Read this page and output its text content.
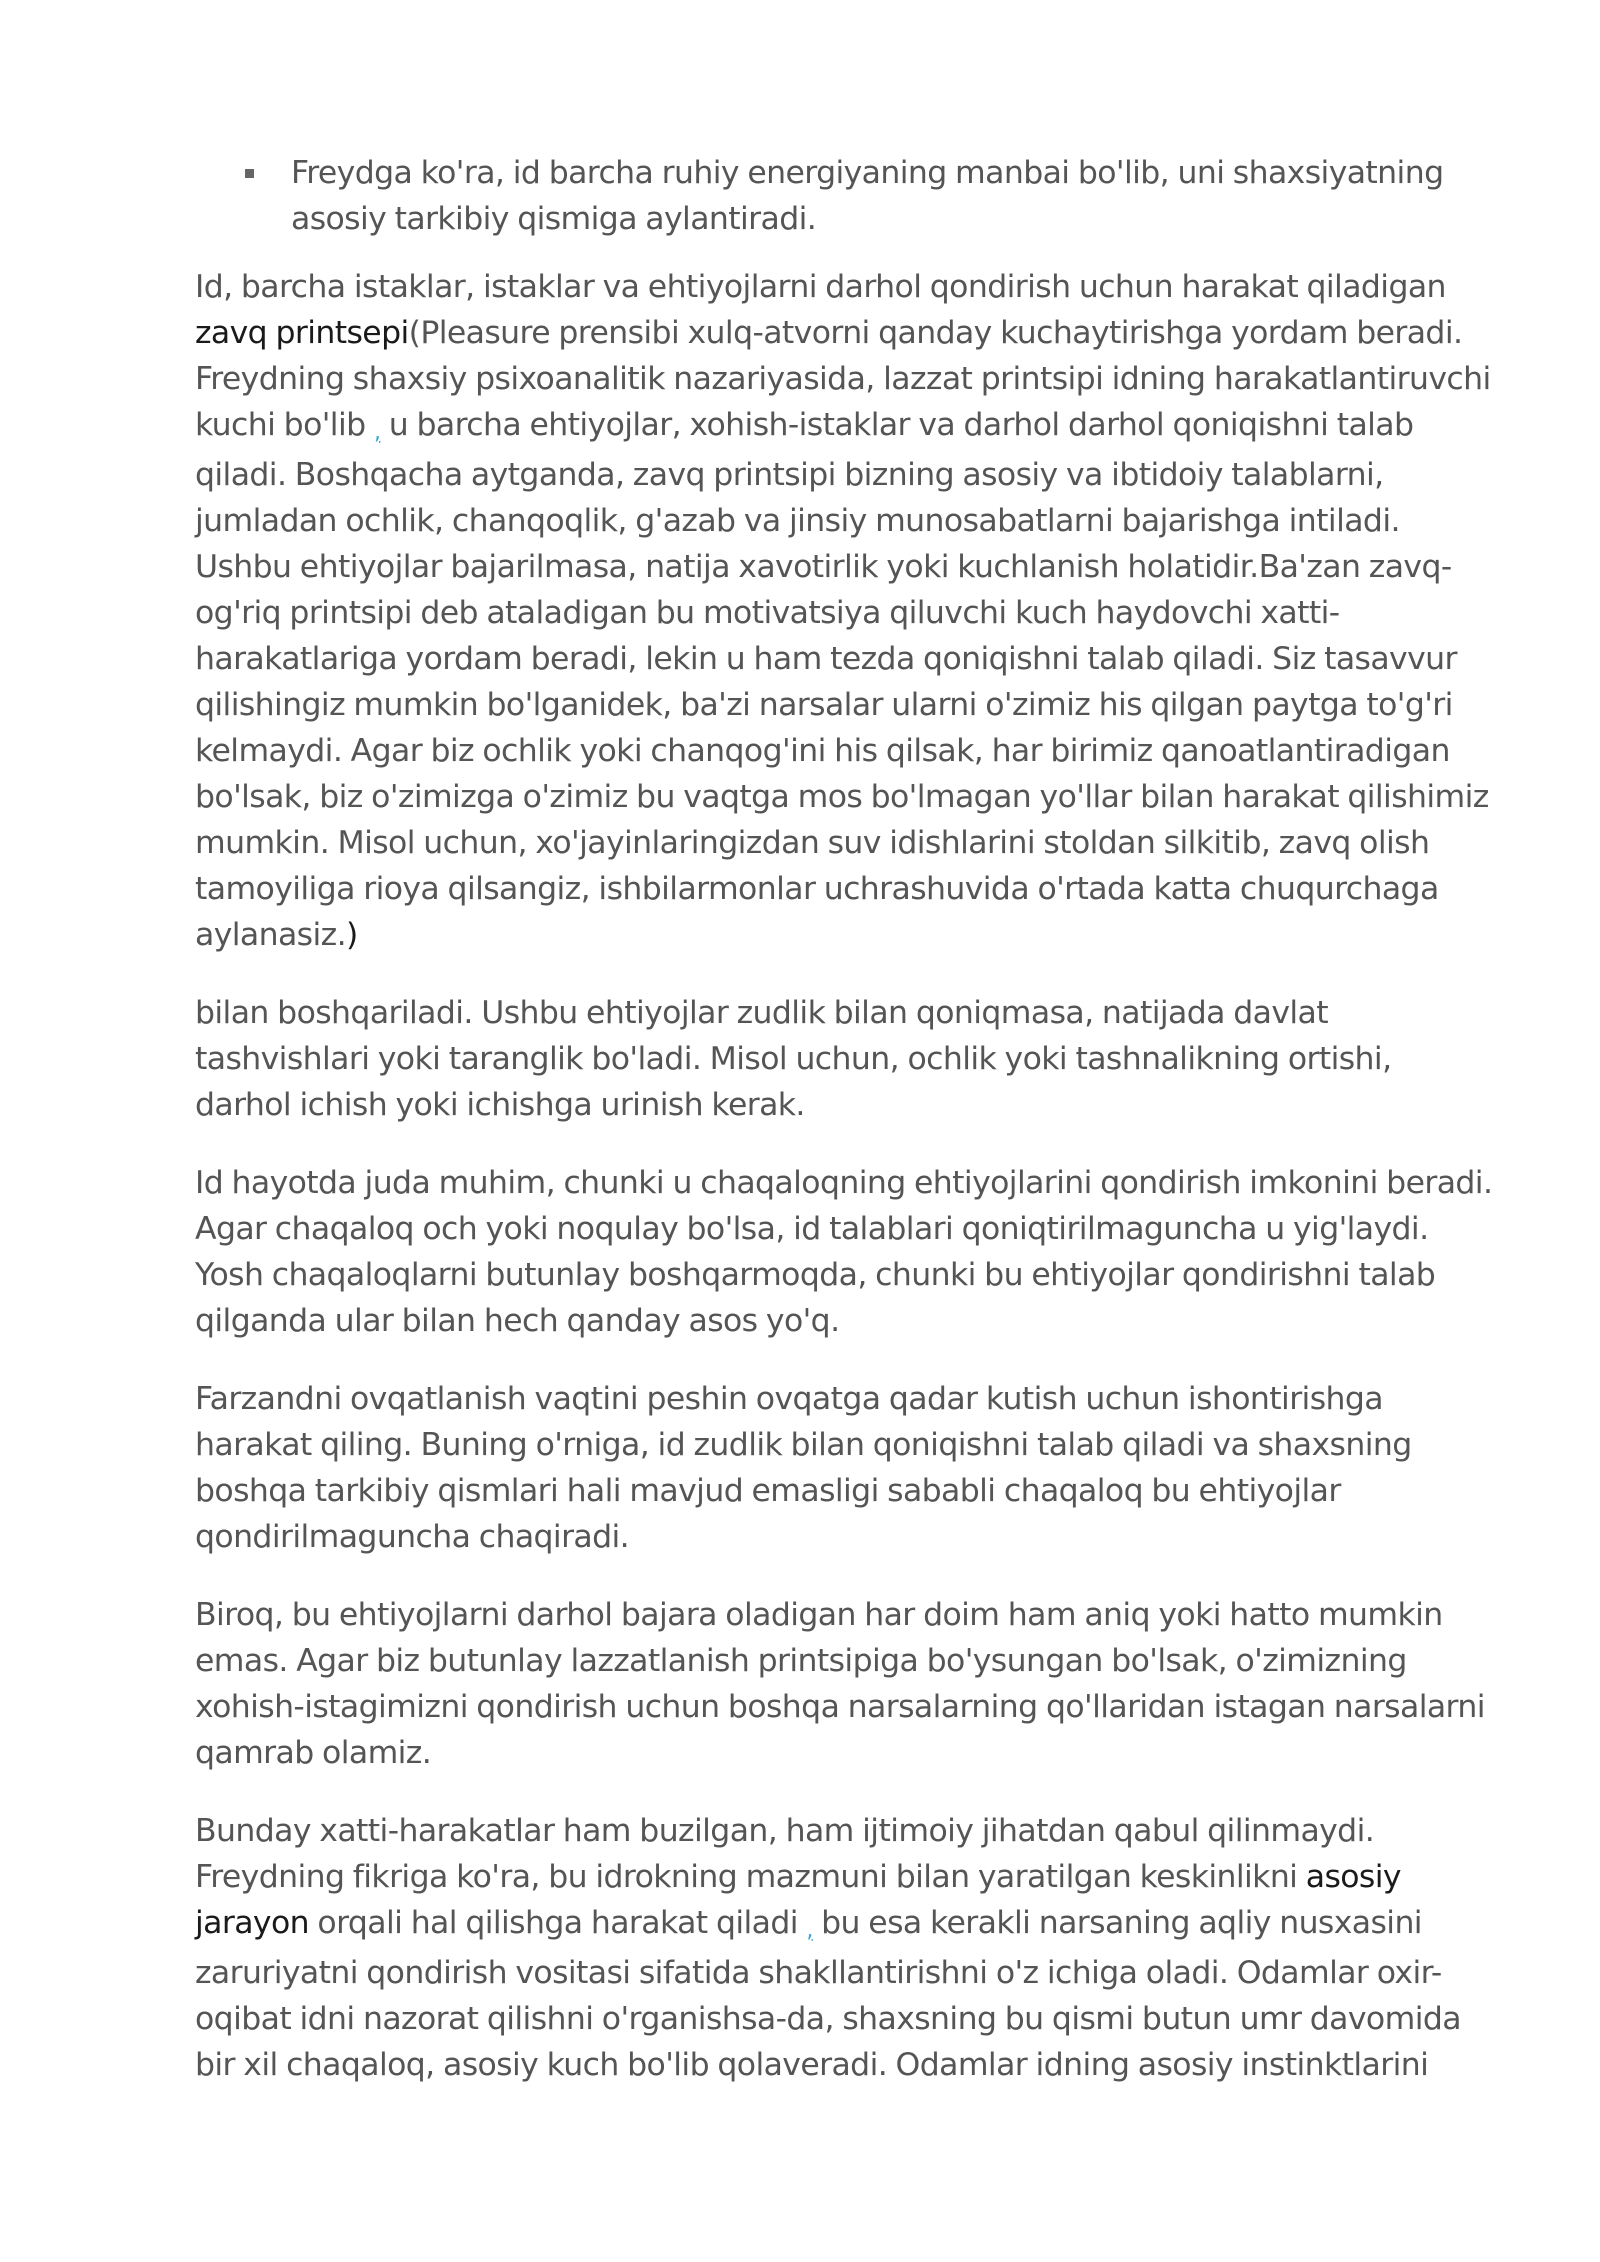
Freydga ko'ra, id barcha ruhiy energiyaning manbai bo'lib, uni shaxsiyatning asosiy tarkibiy qismiga aylantiradi.

Id, barcha istaklar, istaklar va ehtiyojlarni darhol qondirish uchun harakat qiladigan zavq printsepi(Pleasure prensibi xulq-atvorni qanday kuchaytirishga yordam beradi. Freydning shaxsiy psixoanalitik nazariyasida, lazzat printsipi idning harakatlantiruvchi kuchi bo'lib , u barcha ehtiyojlar, xohish-istaklar va darhol darhol qoniqishni talab qiladi. Boshqacha aytganda, zavq printsipi bizning asosiy va ibtidoiy talablarni, jumladan ochlik, chanqoqlik, g'azab va jinsiy munosabatlarni bajarishga intiladi. Ushbu ehtiyojlar bajarilmasa, natija xavotirlik yoki kuchlanish holatidir.Ba'zan zavq-og'riq printsipi deb ataladigan bu motivatsiya qiluvchi kuch haydovchi xatti-harakatlariga yordam beradi, lekin u ham tezda qoniqishni talab qiladi. Siz tasavvur qilishingiz mumkin bo'lganidek, ba'zi narsalar ularni o'zimiz his qilgan paytga to'g'ri kelmaydi. Agar biz ochlik yoki chanqog'ini his qilsak, har birimiz qanoatlantiradigan bo'lsak, biz o'zimizga o'zimiz bu vaqtga mos bo'lmagan yo'llar bilan harakat qilishimiz mumkin. Misol uchun, xo'jayinlaringizdan suv idishlarini stoldan silkitib, zavq olish tamoyiliga rioya qilsangiz, ishbilarmonlar uchrashuvida o'rtada katta chuqurchaga aylanasiz.)

bilan boshqariladi. Ushbu ehtiyojlar zudlik bilan qoniqmasa, natijada davlat tashvishlari yoki taranglik bo'ladi. Misol uchun, ochlik yoki tashnalikning ortishi, darhol ichish yoki ichishga urinish kerak.

Id hayotda juda muhim, chunki u chaqaloqning ehtiyojlarini qondirish imkonini beradi. Agar chaqaloq och yoki noqulay bo'lsa, id talablari qoniqtirilmaguncha u yig'laydi. Yosh chaqaloqlarni butunlay boshqarmoqda, chunki bu ehtiyojlar qondirishni talab qilganda ular bilan hech qanday asos yo'q.

Farzandni ovqatlanish vaqtini peshin ovqatga qadar kutish uchun ishontirishga harakat qiling. Buning o'rniga, id zudlik bilan qoniqishni talab qiladi va shaxsning boshqa tarkibiy qismlari hali mavjud emasligi sababli chaqaloq bu ehtiyojlar qondirilmaguncha chaqiradi.

Biroq, bu ehtiyojlarni darhol bajara oladigan har doim ham aniq yoki hatto mumkin emas. Agar biz butunlay lazzatlanish printsipiga bo'ysungan bo'lsak, o'zimizning xohish-istagimizni qondirish uchun boshqa narsalarning qo'llaridan istagan narsalarni qamrab olamiz.

Bunday xatti-harakatlar ham buzilgan, ham ijtimoiy jihatdan qabul qilinmaydi. Freydning fikriga ko'ra, bu idrokning mazmuni bilan yaratilgan keskinlikni asosiy jarayon orqali hal qilishga harakat qiladi , bu esa kerakli narsaning aqliy nusxasini zaruriyatni qondirish vositasi sifatida shakllantirishni o'z ichiga oladi. Odamlar oxir-oqibat idni nazorat qilishni o'rganishsa-da, shaxsning bu qismi butun umr davomida bir xil chaqaloq, asosiy kuch bo'lib qolaveradi. Odamlar idning asosiy instinktlarini
